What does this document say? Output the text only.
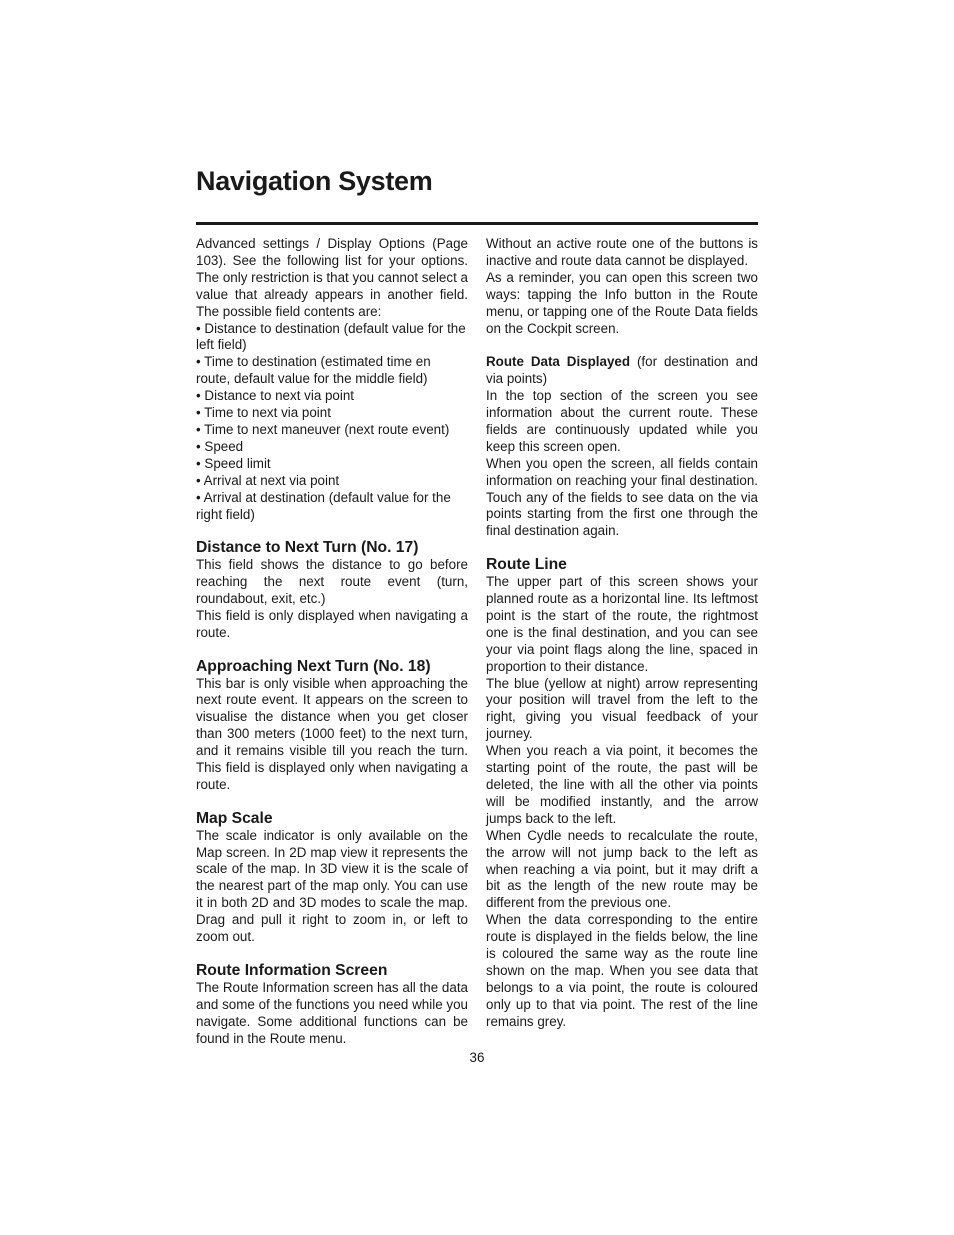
Navigation System

Advanced settings / Display Options (Page 103). See the following list for your options. The only restriction is that you cannot select a value that already appears in another field. The possible field contents are:

• Distance to destination (default value for the left field)
• Time to destination (estimated time en route, default value for the middle field)
• Distance to next via point
• Time to next via point
• Time to next maneuver (next route event)
• Speed
• Speed limit
• Arrival at next via point
• Arrival at destination (default value for the right field)
Distance to Next Turn (No. 17)

This field shows the distance to go before reaching the next route event (turn, roundabout, exit, etc.)

This field is only displayed when navigating a route.

Approaching Next Turn (No. 18)

This bar is only visible when approaching the next route event. It appears on the screen to visualise the distance when you get closer than 300 meters (1000 feet) to the next turn, and it remains visible till you reach the turn. This field is displayed only when navigating a route.

Map Scale

The scale indicator is only available on the Map screen. In 2D map view it represents the scale of the map. In 3D view it is the scale of the nearest part of the map only. You can use it in both 2D and 3D modes to scale the map. Drag and pull it right to zoom in, or left to zoom out.

Route Information Screen

The Route Information screen has all the data and some of the functions you need while you navigate. Some additional functions can be found in the Route menu.

Without an active route one of the buttons is inactive and route data cannot be displayed.

As a reminder, you can open this screen two ways: tapping the Info button in the Route menu, or tapping one of the Route Data fields on the Cockpit screen.

Route Data Displayed (for destination and via points)

In the top section of the screen you see information about the current route. These fields are continuously updated while you keep this screen open.

When you open the screen, all fields contain information on reaching your final destination. Touch any of the fields to see data on the via points starting from the first one through the final destination again.

Route Line

The upper part of this screen shows your planned route as a horizontal line. Its leftmost point is the start of the route, the rightmost one is the final destination, and you can see your via point flags along the line, spaced in proportion to their distance.

The blue (yellow at night) arrow representing your position will travel from the left to the right, giving you visual feedback of your journey.

When you reach a via point, it becomes the starting point of the route, the past will be deleted, the line with all the other via points will be modified instantly, and the arrow jumps back to the left.

When Cydle needs to recalculate the route, the arrow will not jump back to the left as when reaching a via point, but it may drift a bit as the length of the new route may be different from the previous one.

When the data corresponding to the entire route is displayed in the fields below, the line is coloured the same way as the route line shown on the map. When you see data that belongs to a via point, the route is coloured only up to that via point. The rest of the line remains grey.

36
